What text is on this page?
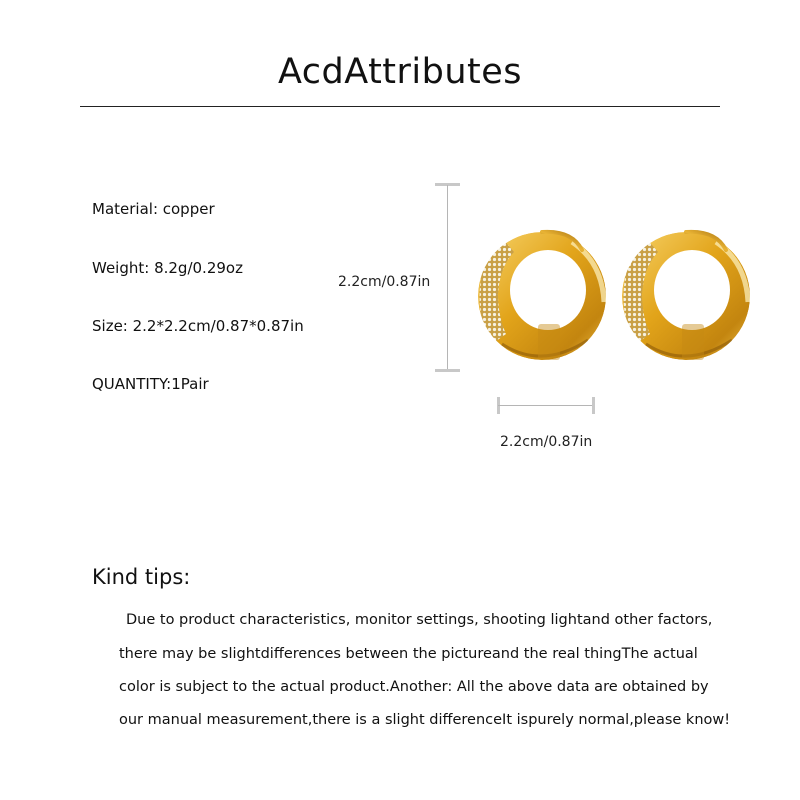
AcdAttributes
Material: copper
Weight: 8.2g/0.29oz
Size: 2.2*2.2cm/0.87*0.87in
QUANTITY:1Pair
2.2cm/0.87in
2.2cm/0.87in
Kind tips:
Due to product characteristics, monitor settings, shooting lightand other factors,
there may be slightdifferences between the pictureand the real thingThe actual
color is subject to the actual product.Another: All the above data are obtained by
our manual measurement,there is a slight differenceIt ispurely normal,please know!
